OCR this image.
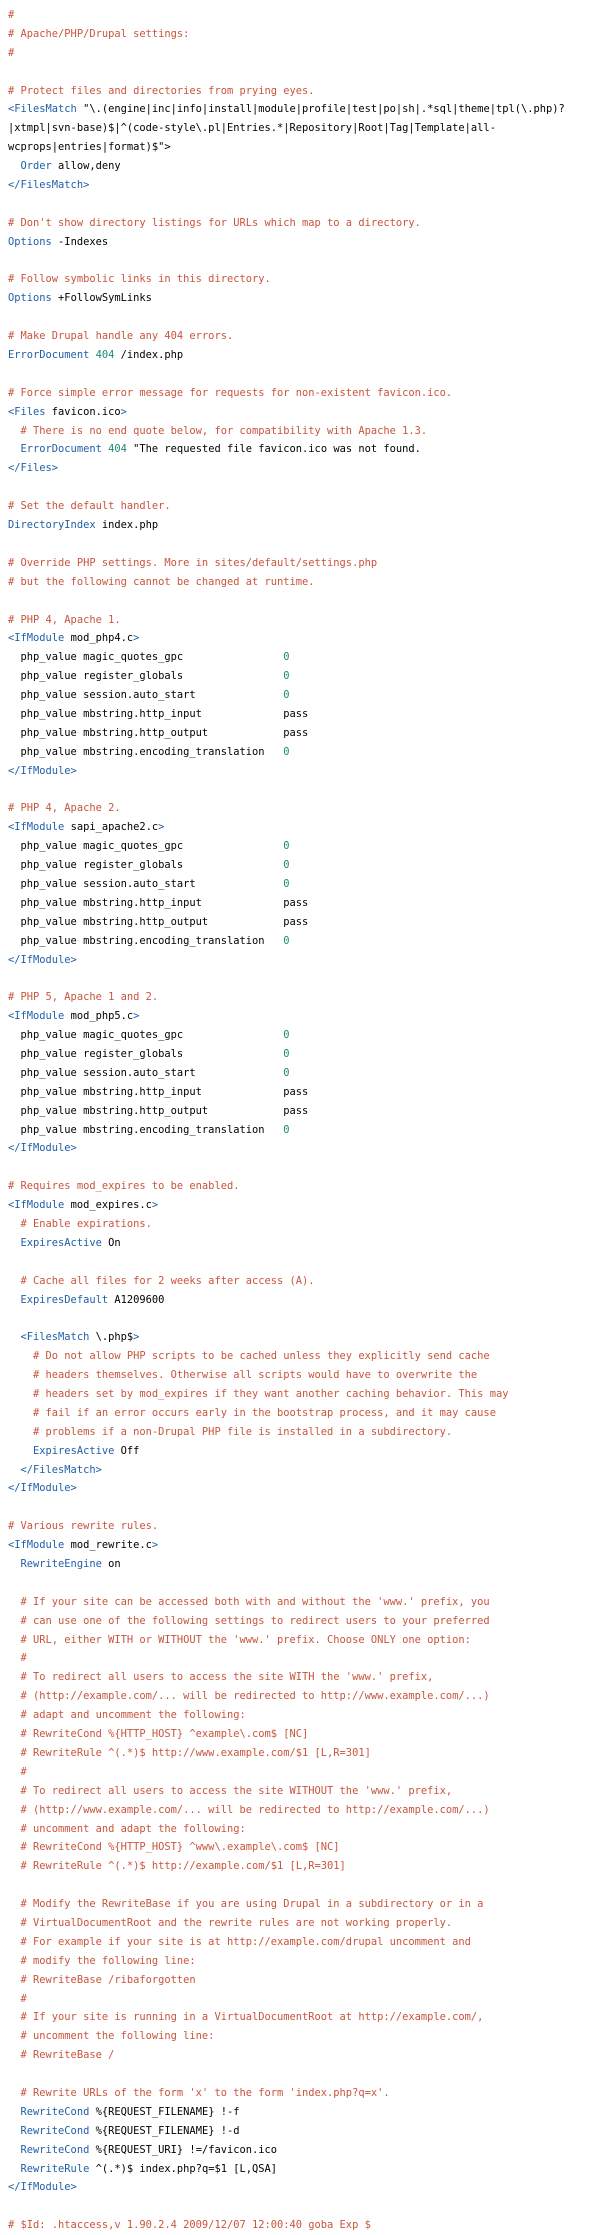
#
# Apache/PHP/Drupal settings:
#
# Protect files and directories from prying eyes.
<FilesMatch "\.(engine|inc|info|install|module|profile|test|po|sh|.*sql|theme|tpl(\.php)?
|xtmpl|svn-base)$|^(code-style\.pl|Entries.*|Repository|Root|Tag|Template|all-
wcprops|entries|format)$">
Order allow,deny
</FilesMatch>
# Don't show directory listings for URLs which map to a directory.
Options -Indexes
# Follow symbolic links in this directory.
Options +FollowSymLinks
# Make Drupal handle any 404 errors.
ErrorDocument 404 /index.php
# Force simple error message for requests for non-existent favicon.ico.
<Files favicon.ico>
# There is no end quote below, for compatibility with Apache 1.3.
ErrorDocument 404 "The requested file favicon.ico was not found.
</Files>
# Set the default handler.
DirectoryIndex index.php
# Override PHP settings. More in sites/default/settings.php
# but the following cannot be changed at runtime.
# PHP 4, Apache 1.
<IfModule mod_php4.c>
php_value magic_quotes_gpc                0
php_value register_globals                0
php_value session.auto_start              0
php_value mbstring.http_input             pass
php_value mbstring.http_output            pass
php_value mbstring.encoding_translation   0
</IfModule>
# PHP 4, Apache 2.
<IfModule sapi_apache2.c>
php_value magic_quotes_gpc                0
php_value register_globals                0
php_value session.auto_start              0
php_value mbstring.http_input             pass
php_value mbstring.http_output            pass
php_value mbstring.encoding_translation   0
</IfModule>
# PHP 5, Apache 1 and 2.
<IfModule mod_php5.c>
php_value magic_quotes_gpc                0
php_value register_globals                0
php_value session.auto_start              0
php_value mbstring.http_input             pass
php_value mbstring.http_output            pass
php_value mbstring.encoding_translation   0
</IfModule>
# Requires mod_expires to be enabled.
<IfModule mod_expires.c>
# Enable expirations.
ExpiresActive On
# Cache all files for 2 weeks after access (A).
ExpiresDefault A1209600
<FilesMatch \.php$>
# Do not allow PHP scripts to be cached unless they explicitly send cache
# headers themselves. Otherwise all scripts would have to overwrite the
# headers set by mod_expires if they want another caching behavior. This may
# fail if an error occurs early in the bootstrap process, and it may cause
# problems if a non-Drupal PHP file is installed in a subdirectory.
ExpiresActive Off
</FilesMatch>
</IfModule>
# Various rewrite rules.
<IfModule mod_rewrite.c>
RewriteEngine on
# If your site can be accessed both with and without the 'www.' prefix, you
# can use one of the following settings to redirect users to your preferred
# URL, either WITH or WITHOUT the 'www.' prefix. Choose ONLY one option:
#
# To redirect all users to access the site WITH the 'www.' prefix,
# (http://example.com/... will be redirected to http://www.example.com/...)
# adapt and uncomment the following:
# RewriteCond %{HTTP_HOST} ^example\.com$ [NC]
# RewriteRule ^(.*)$ http://www.example.com/$1 [L,R=301]
#
# To redirect all users to access the site WITHOUT the 'www.' prefix,
# (http://www.example.com/... will be redirected to http://example.com/...)
# uncomment and adapt the following:
# RewriteCond %{HTTP_HOST} ^www\.example\.com$ [NC]
# RewriteRule ^(.*)$ http://example.com/$1 [L,R=301]
# Modify the RewriteBase if you are using Drupal in a subdirectory or in a
# VirtualDocumentRoot and the rewrite rules are not working properly.
# For example if your site is at http://example.com/drupal uncomment and
# modify the following line:
# RewriteBase /ribaforgotten
#
# If your site is running in a VirtualDocumentRoot at http://example.com/,
# uncomment the following line:
# RewriteBase /
# Rewrite URLs of the form 'x' to the form 'index.php?q=x'.
RewriteCond %{REQUEST_FILENAME} !-f
RewriteCond %{REQUEST_FILENAME} !-d
RewriteCond %{REQUEST_URI} !=/favicon.ico
RewriteRule ^(.*)$ index.php?q=$1 [L,QSA]
</IfModule>
# $Id: .htaccess,v 1.90.2.4 2009/12/07 12:00:40 goba Exp $
